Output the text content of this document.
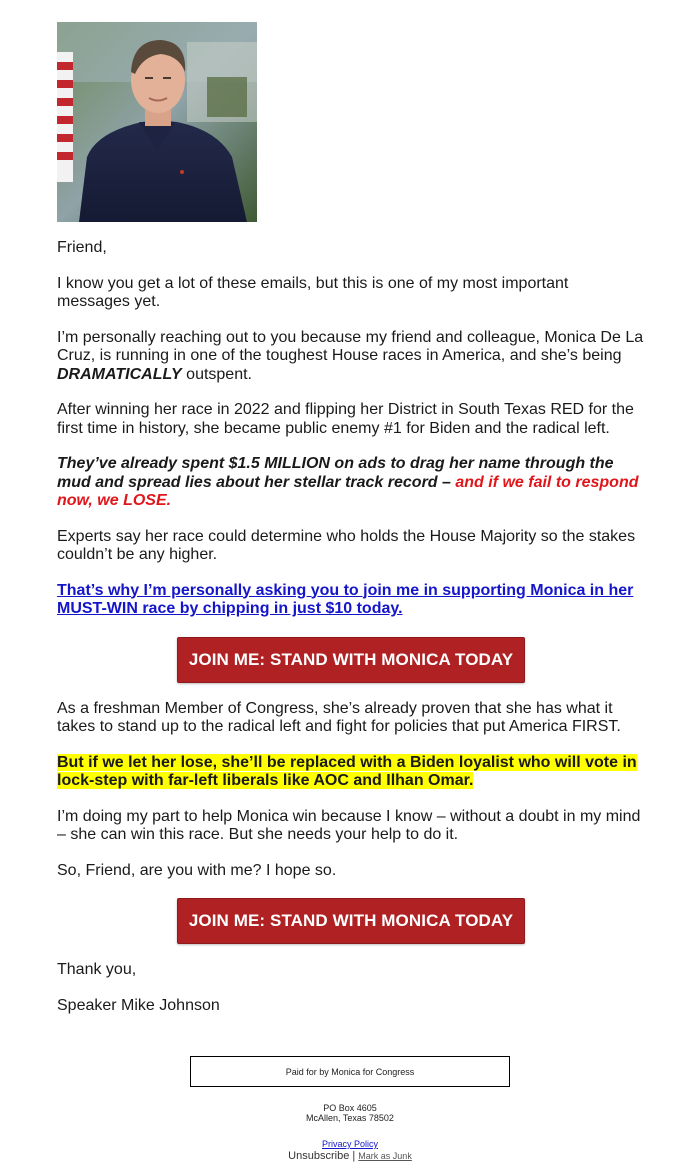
Friend,

I know you get a lot of these emails, but this is one of my most important messages yet.

I’m personally reaching out to you because my friend and colleague, Monica De La Cruz, is running in one of the toughest House races in America, and she’s being DRAMATICALLY outspent.

After winning her race in 2022 and flipping her District in South Texas RED for the first time in history, she became public enemy #1 for Biden and the radical left.

They’ve already spent $1.5 MILLION on ads to drag her name through the mud and spread lies about her stellar track record – and if we fail to respond now, we LOSE.

Experts say her race could determine who holds the House Majority so the stakes couldn’t be any higher.

That’s why I’m personally asking you to join me in supporting Monica in her MUST-WIN race by chipping in just $10 today.

JOIN ME: STAND WITH MONICA TODAY

As a freshman Member of Congress, she’s already proven that she has what it takes to stand up to the radical left and fight for policies that put America FIRST.

But if we let her lose, she’ll be replaced with a Biden loyalist who will vote in lock-step with far-left liberals like AOC and Ilhan Omar.

I’m doing my part to help Monica win because I know – without a doubt in my mind – she can win this race. But she needs your help to do it.

So, Friend, are you with me? I hope so.

JOIN ME: STAND WITH MONICA TODAY

Thank you,

Speaker Mike Johnson

Paid for by Monica for Congress
PO Box 4605
McAllen, Texas 78502
Privacy Policy
Unsubscribe | Mark as Junk
